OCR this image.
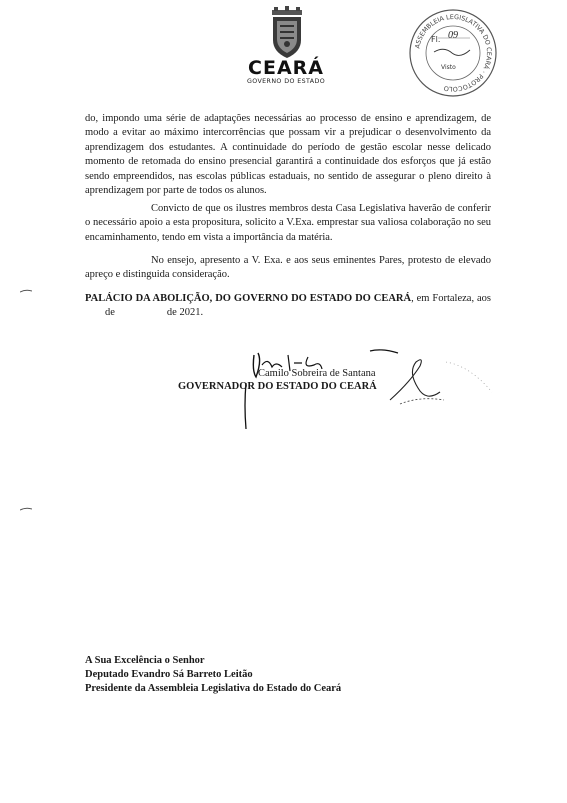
CEARÁ
GOVERNO DO ESTADO
ASSEMBLEIA LEGISLATIVA DO CEARÁ · PROTOCOLO
Fl. 09
Visto
do, impondo uma série de adaptações necessárias ao processo de ensino e aprendizagem, de modo a evitar ao máximo intercorrências que possam vir a prejudicar o desenvolvimento da aprendizagem dos estudantes. A continuidade do período de gestão escolar nesse delicado momento de retomada do ensino presencial garantirá a continuidade dos esforços que já estão sendo empreendidos, nas escolas públicas estaduais, no sentido de assegurar o pleno direito à aprendizagem por parte de todos os alunos.
Convicto de que os ilustres membros desta Casa Legislativa haverão de conferir o necessário apoio a esta propositura, solicito a V.Exa. emprestar sua valiosa colaboração no seu encaminhamento, tendo em vista a importância da matéria.
No ensejo, apresento a V. Exa. e aos seus eminentes Pares, protesto de elevado apreço e distinguida consideração.
PALÁCIO DA ABOLIÇÃO, DO GOVERNO DO ESTADO DO CEARÁ, em Fortaleza, aosde	de 2021.
Camilo Sobreira de Santana
GOVERNADOR DO ESTADO DO CEARÁ
A Sua Excelência o Senhor
Deputado Evandro Sá Barreto Leitão
Presidente da Assembleia Legislativa do Estado do Ceará
